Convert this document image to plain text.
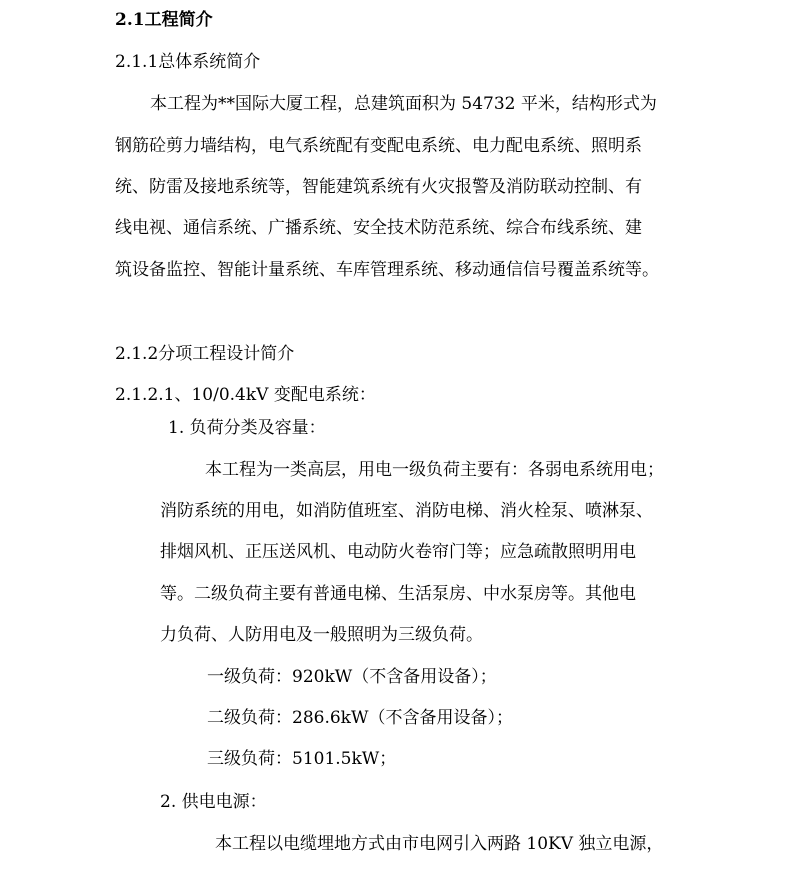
2.1工程简介
2.1.1总体系统简介
本工程为**国际大厦工程，总建筑面积为 54732 平米，结构形式为
钢筋砼剪力墙结构，电气系统配有变配电系统、电力配电系统、照明系
统、防雷及接地系统等，智能建筑系统有火灾报警及消防联动控制、有
线电视、通信系统、广播系统、安全技术防范系统、综合布线系统、建
筑设备监控、智能计量系统、车库管理系统、移动通信信号覆盖系统等。
2.1.2分项工程设计简介
2.1.2.1、10/0.4kV 变配电系统：
1. 负荷分类及容量：
本工程为一类高层，用电一级负荷主要有：各弱电系统用电；
消防系统的用电，如消防值班室、消防电梯、消火栓泵、喷淋泵、
排烟风机、正压送风机、电动防火卷帘门等；应急疏散照明用电
等。二级负荷主要有普通电梯、生活泵房、中水泵房等。其他电
力负荷、人防用电及一般照明为三级负荷。
一级负荷：920kW（不含备用设备）；
二级负荷：286.6kW（不含备用设备）；
三级负荷：5101.5kW；
2. 供电电源：
本工程以电缆埋地方式由市电网引入两路 10KV 独立电源，
